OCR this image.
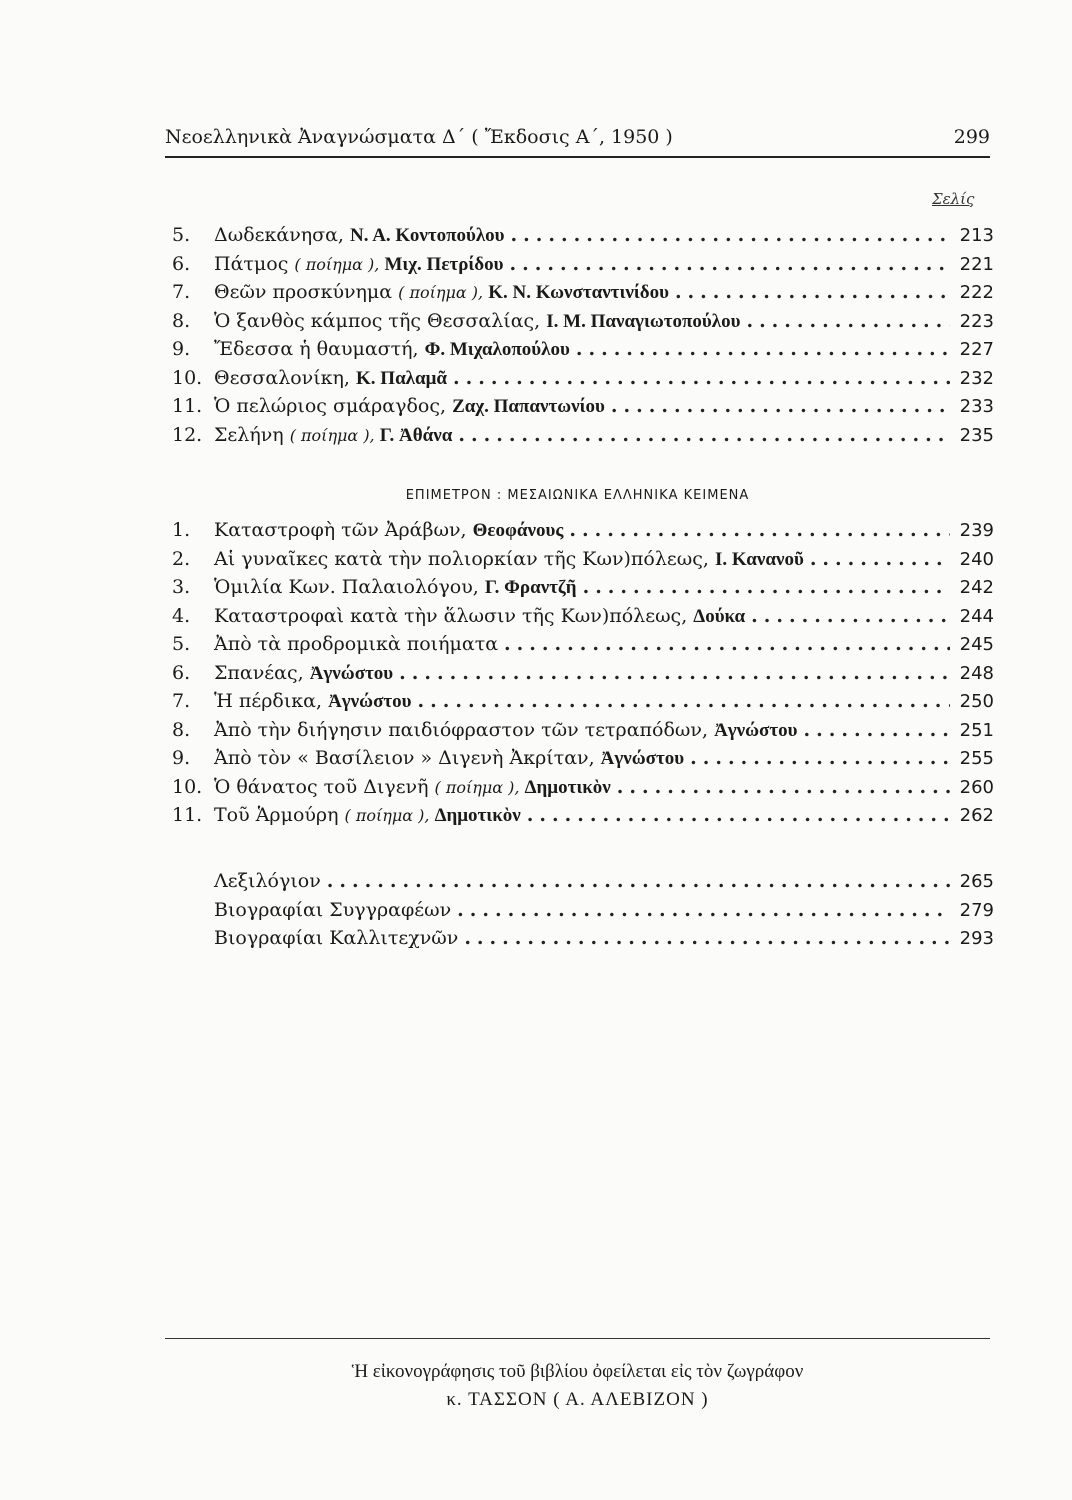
Νεοελληνικὰ Ἀναγνώσματα Δ΄ ( Ἔκδοσις Α΄, 1950 )	299
Σελίς
5.	Δωδεκάνησα, Ν. Α. Κοντοπούλου .....	213
6.	Πάτμος ( ποίημα ), Μιχ. Πετρίδου .....	221
7.	Θεῶν προσκύνημα ( ποίημα ), Κ. Ν. Κωνσταντινίδου .....	222
8.	Ὁ ξανθὸς κάμπος τῆς Θεσσαλίας, Ι. Μ. Παναγιωτοπούλου .....	223
9.	Ἔδεσσα ἡ θαυμαστή, Φ. Μιχαλοπούλου .....	227
10. Θεσσαλονίκη, Κ. Παλαμᾶ .....	232
11. Ὁ πελώριος σμάραγδος, Ζαχ. Παπαντωνίου .....	233
12. Σελήνη ( ποίημα ), Γ. Ἀθάνα .....	235
ΕΠΙΜΕΤΡΟΝ : ΜΕΣΑΙΩΝΙΚΑ ΕΛΛΗΝΙΚΑ ΚΕΙΜΕΝΑ
1.	Καταστροφὴ τῶν Ἀράβων, Θεοφάνους .....	239
2.	Αἱ γυναῖκες κατὰ τὴν πολιορκίαν τῆς Κων)πόλεως, Ι. Κανανοῦ .....	240
3.	Ὁμιλία Κων. Παλαιολόγου, Γ. Φραντζῆ .....	242
4.	Καταστροφαὶ κατὰ τὴν ἅλωσιν τῆς Κων)πόλεως, Δούκα .....	244
5.	Ἀπὸ τὰ προδρομικὰ ποιήματα .....	245
6.	Σπανέας, Ἀγνώστου .....	248
7.	Ἡ πέρδικα, Ἀγνώστου .....	250
8.	Ἀπὸ τὴν διήγησιν παιδιόφραστον τῶν τετραπόδων, Ἀγνώστου .....	251
9.	Ἀπὸ τὸν « Βασίλειον » Διγενὴ Ἀκρίταν, Ἀγνώστου .....	255
10. Ὁ θάνατος τοῦ Διγενῆ ( ποίημα ), Δημοτικὸν .....	260
11. Τοῦ Ἁρμούρη ( ποίημα ), Δημοτικὸν .....	262
Λεξιλόγιον .....	265
Βιογραφίαι Συγγραφέων .....	279
Βιογραφίαι Καλλιτεχνῶν .....	293
Ἡ εἰκονογράφησις τοῦ βιβλίου ὀφείλεται εἰς τὸν ζωγράφον
κ. ΤΑΣΣΟΝ ( Α. ΑΛΕΒΙΖΟΝ )
